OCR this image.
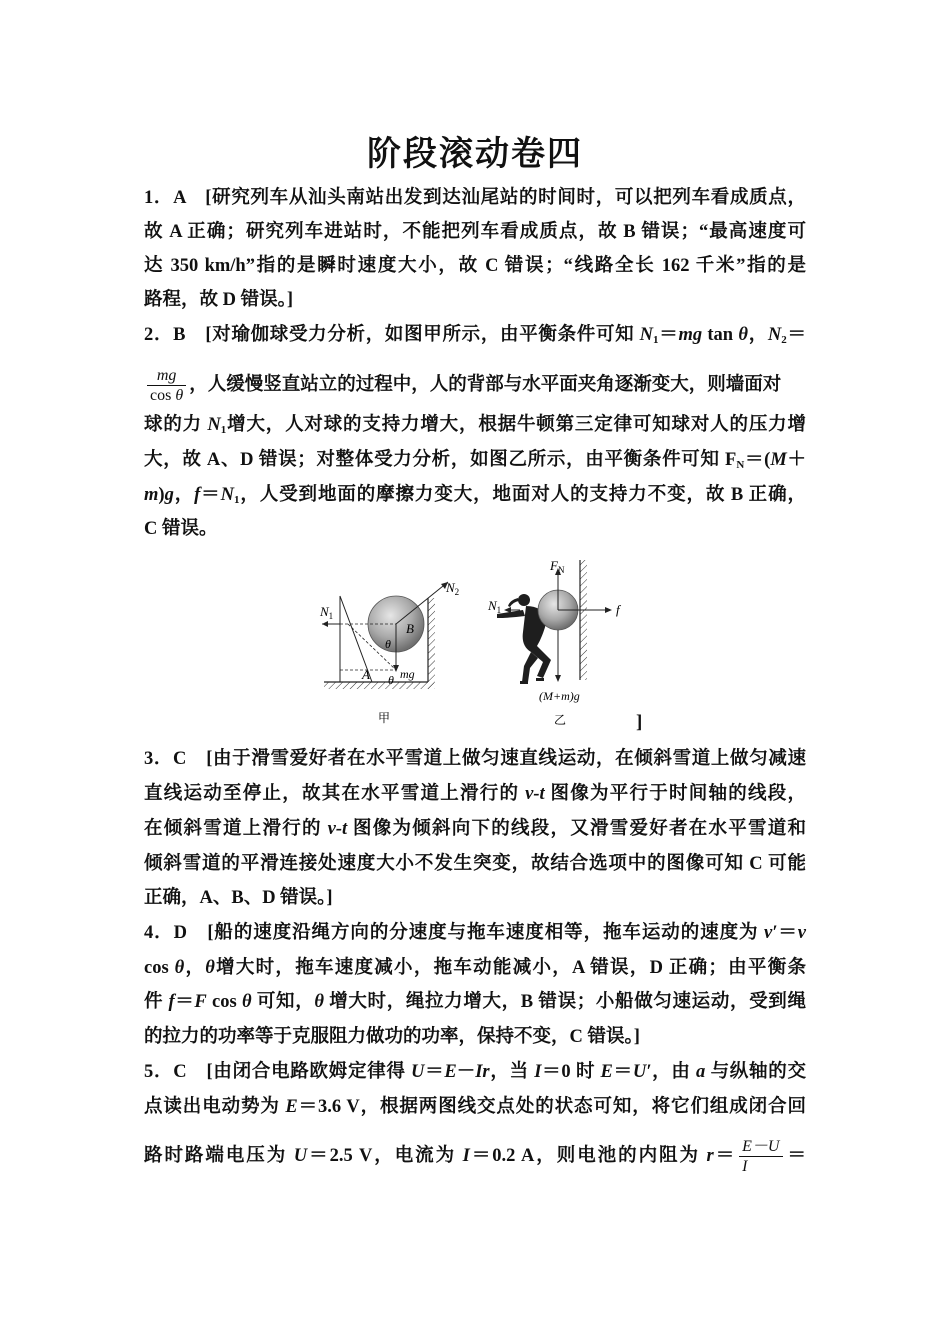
阶段滚动卷四
1．A　[研究列车从汕头南站出发到达汕尾站的时间时，可以把列车看成质点，
故 A 正确；研究列车进站时，不能把列车看成质点，故 B 错误；“最高速度可
达 350 km/h”指的是瞬时速度大小，故 C 错误；“线路全长 162 千米”指的是
路程，故 D 错误。]
2．B　[对瑜伽球受力分析，如图甲所示，由平衡条件可知 $N_1=mg$ tan θ，$N_2=$
$\frac{mg}{\text{cos θ}}$ ，人缓慢竖直站立的过程中，人的背部与水平面夹角逐渐变大，则墙面对
球的力 $N_1$增大，人对球的支持力增大，根据牛顿第三定律可知球对人的压力增
大，故 A、D 错误；对整体受力分析，如图乙所示，由平衡条件可知 $F_N=(M+$
m)g，$f=N_1$，人受到地面的摩擦力变大，地面对人的支持力不变，故 B 正确，
C 错误。
$N_1$
$N_2$
B
θ
A θ mg
甲
$F_N$
f
$N_1$
(M+m)g
乙	]
3．C　[由于滑雪爱好者在水平雪道上做匀速直线运动，在倾斜雪道上做匀减速
直线运动至停止，故其在水平雪道上滑行的 v-t 图像为平行于时间轴的线段，
在倾斜雪道上滑行的 v-t 图像为倾斜向下的线段，又滑雪爱好者在水平雪道和
倾斜雪道的平滑连接处速度大小不发生突变，故结合选项中的图像可知 C 可能
正确，A、B、D 错误。]
4．D　[船的速度沿绳方向的分速度与拖车速度相等，拖车运动的速度为 v′＝v
cos θ，θ增大时，拖车速度减小，拖车动能减小，A 错误，D 正确；由平衡条
件 f＝F cos θ 可知，θ 增大时，绳拉力增大，B 错误；小船做匀速运动，受到绳
的拉力的功率等于克服阻力做功的功率，保持不变，C 错误。]
5．C　[由闭合电路欧姆定律得 U＝E－Ir，当 I＝0 时 E＝U′，由 a 与纵轴的交
点读出电动势为 E＝3.6 V，根据两图线交点处的状态可知，将它们组成闭合回
路时路端电压为 U＝2.5 V，电流为 I＝0.2 A，则电池的内阻为 $r= \frac{E-U}{I}$ ＝
